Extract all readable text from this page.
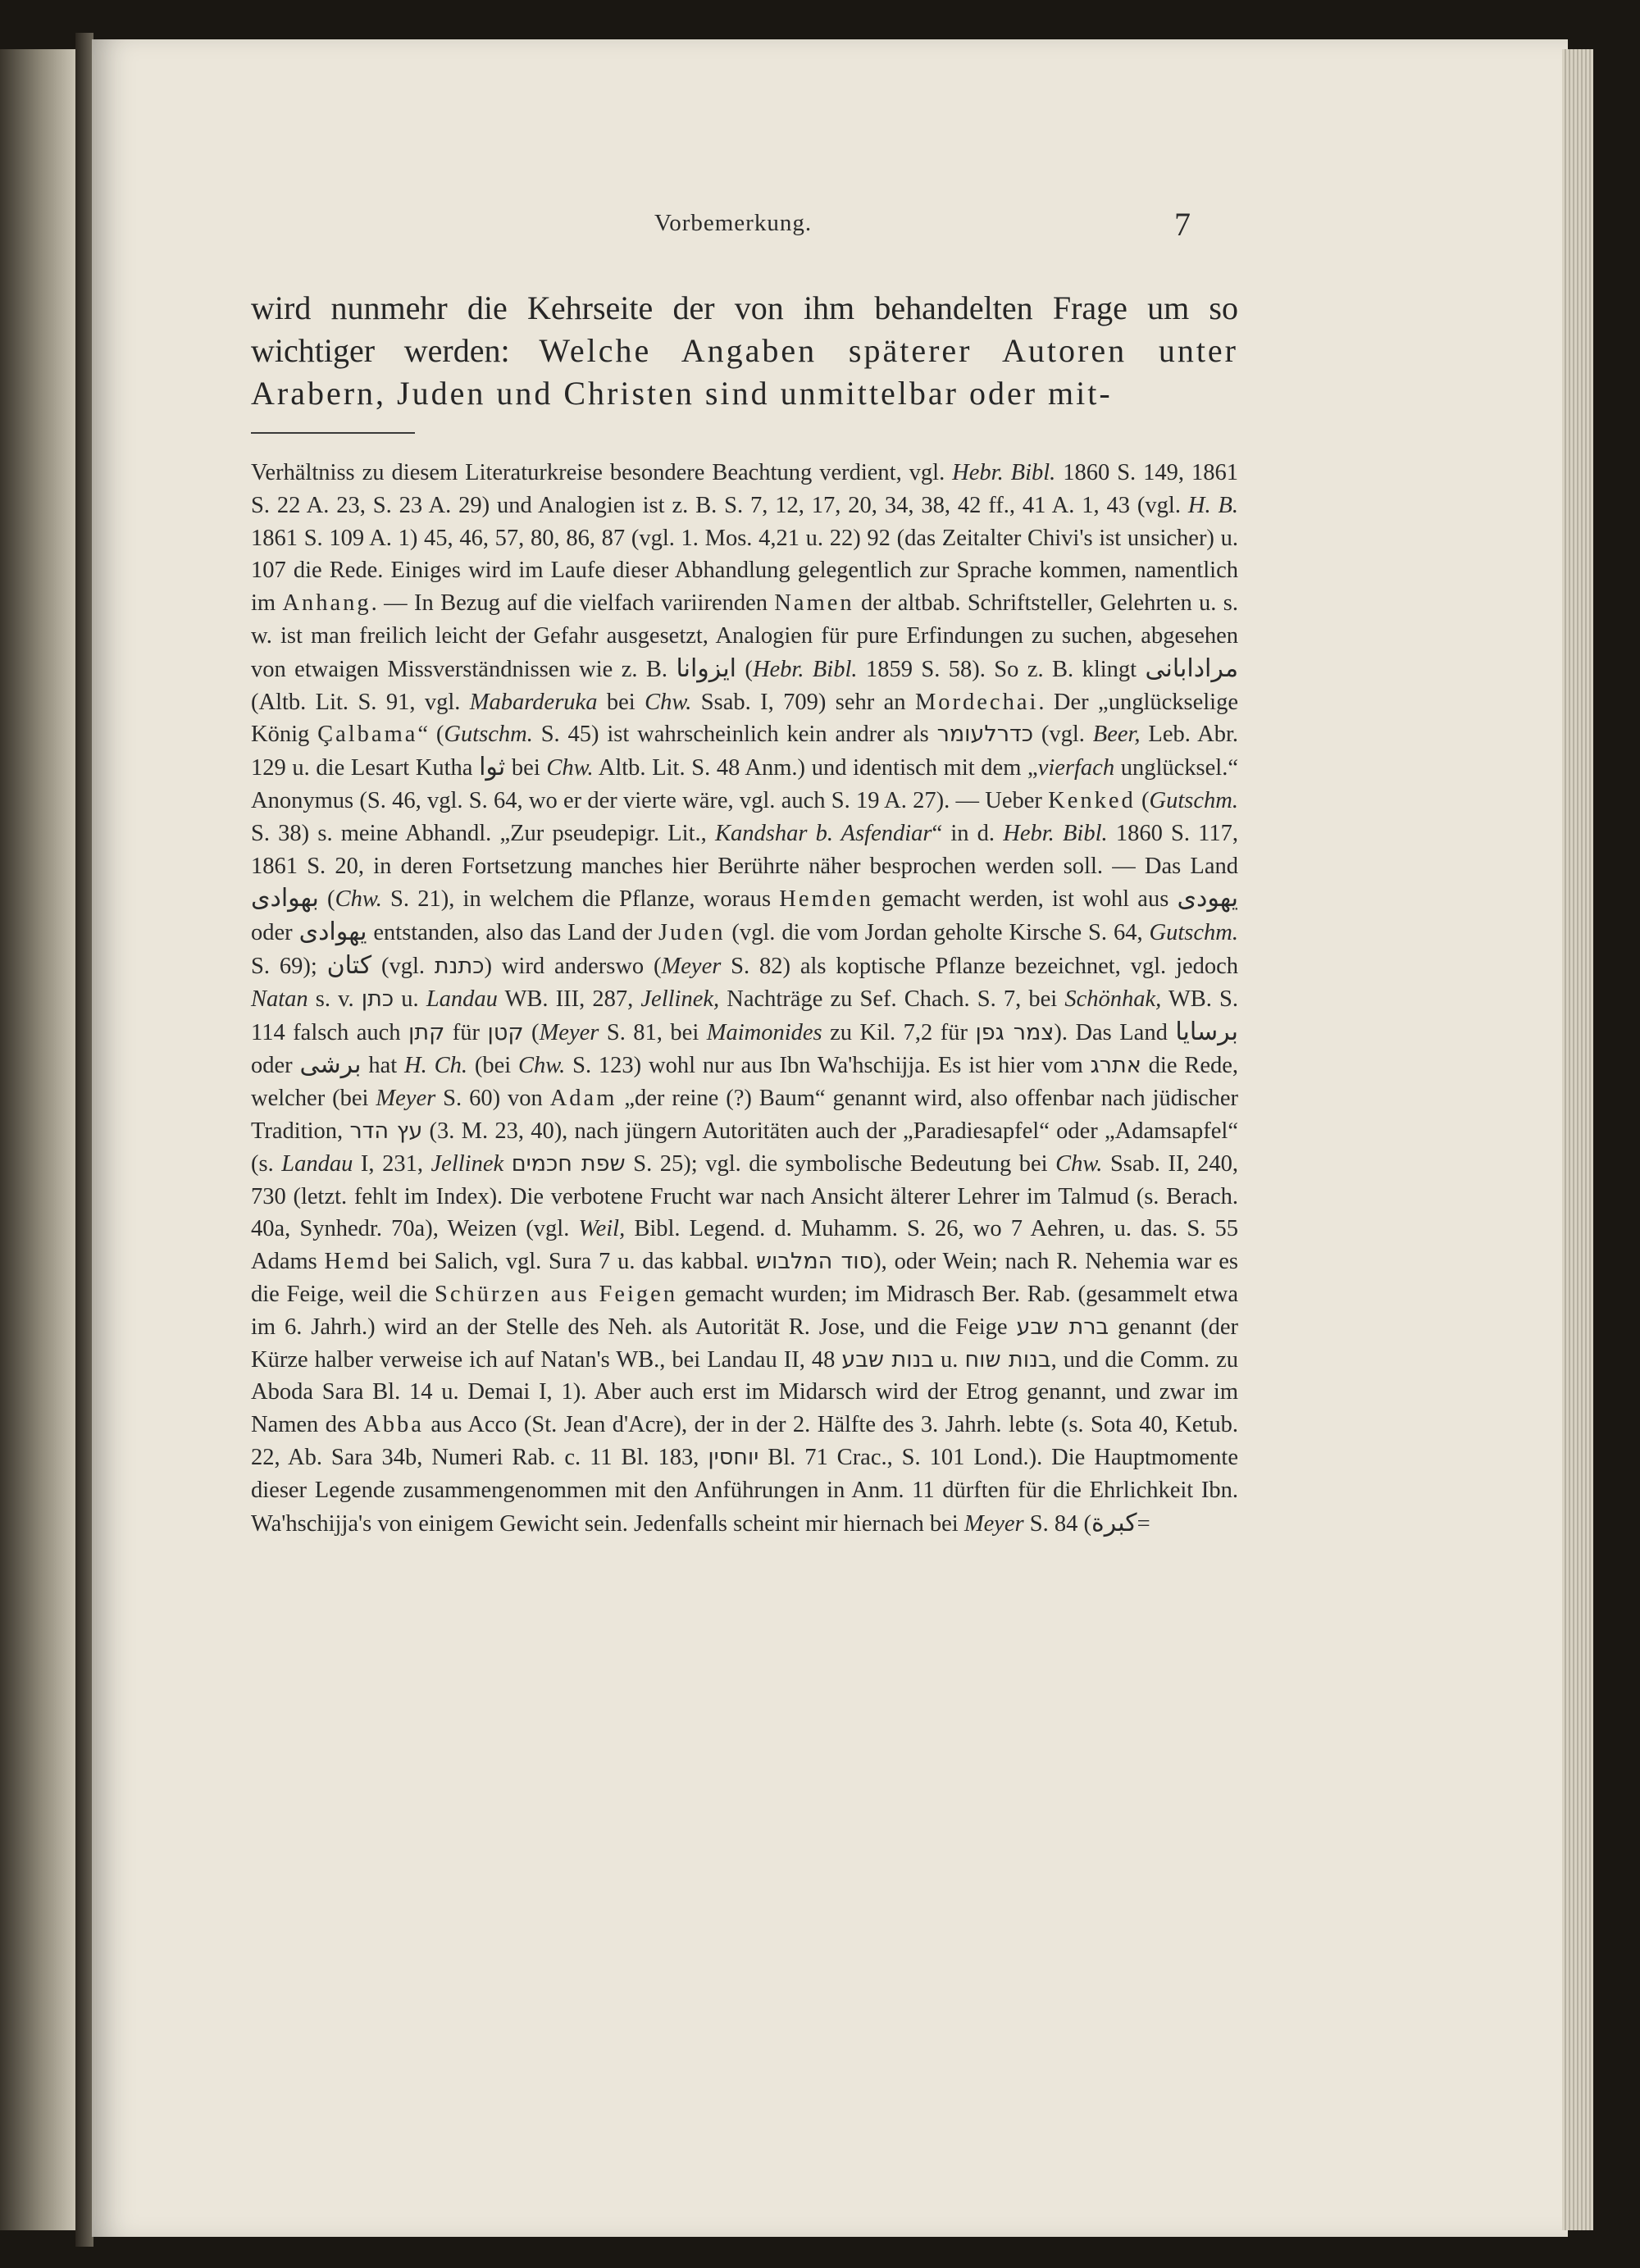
Vorbemerkung.	7

wird nunmehr die Kehrseite der von ihm behandelten Frage um so wichtiger werden: Welche Angaben späterer Autoren unter Arabern, Juden und Christen sind unmittelbar oder mit-

Verhältniss zu diesem Literaturkreise besondere Beachtung verdient, vgl. Hebr. Bibl. 1860 S. 149, 1861 S. 22 A. 23, S. 23 A. 29) und Analogien ist z. B. S. 7, 12, 17, 20, 34, 38, 42 ff., 41 A. 1, 43 (vgl. H. B. 1861 S. 109 A. 1) 45, 46, 57, 80, 86, 87 (vgl. 1. Mos. 4,21 u. 22) 92 (das Zeitalter Chivi's ist unsicher) u. 107 die Rede. Einiges wird im Laufe dieser Abhandlung gelegentlich zur Sprache kommen, namentlich im Anhang. — In Bezug auf die vielfach variirenden Namen der altbab. Schriftsteller, Gelehrten u. s. w. ist man freilich leicht der Gefahr ausgesetzt, Analogien für pure Erfindungen zu suchen, abgesehen von etwaigen Missverständnissen wie z. B. ايزوانا (Hebr. Bibl. 1859 S. 58). So z. B. klingt مرادابانى (Altb. Lit. S. 91, vgl. Mabarderuka bei Chw. Ssab. I, 709) sehr an Mordechai. Der „unglückselige König Çalbama“ (Gutschm. S. 45) ist wahrscheinlich kein andrer als כדרלעומר (vgl. Beer, Leb. Abr. 129 u. die Lesart Kutha ثوا bei Chw. Altb. Lit. S. 48 Anm.) und identisch mit dem „vierfach unglücksel.“ Anonymus (S. 46, vgl. S. 64, wo er der vierte wäre, vgl. auch S. 19 A. 27). — Ueber Kenked (Gutschm. S. 38) s. meine Abhandl. „Zur pseudepigr. Lit., Kandshar b. Asfendiar“ in d. Hebr. Bibl. 1860 S. 117, 1861 S. 20, in deren Fortsetzung manches hier Berührte näher besprochen werden soll. — Das Land بهوادى (Chw. S. 21), in welchem die Pflanze, woraus Hemden gemacht werden, ist wohl aus يهودى oder يهوادى entstanden, also das Land der Juden (vgl. die vom Jordan geholte Kirsche S. 64, Gutschm. S. 69); كتان (vgl. כתנת) wird anderswo (Meyer S. 82) als koptische Pflanze bezeichnet, vgl. jedoch Natan s. v. כתן u. Landau WB. III, 287, Jellinek, Nachträge zu Sef. Chach. S. 7, bei Schönhak, WB. S. 114 falsch auch קתן für קטן (Meyer S. 81, bei Maimonides zu Kil. 7,2 für צמר גפן). Das Land برسايا oder برشى hat H. Ch. (bei Chw. S. 123) wohl nur aus Ibn Wa'hschijja. Es ist hier vom אתרג die Rede, welcher (bei Meyer S. 60) von Adam „der reine (?) Baum“ genannt wird, also offenbar nach jüdischer Tradition, עץ הדר (3. M. 23, 40), nach jüngern Autoritäten auch der „Paradiesapfel“ oder „Adamsapfel“ (s. Landau I, 231, Jellinek שפת חכמים S. 25); vgl. die symbolische Bedeutung bei Chw. Ssab. II, 240, 730 (letzt. fehlt im Index). Die verbotene Frucht war nach Ansicht älterer Lehrer im Talmud (s. Berach. 40a, Synhedr. 70a), Weizen (vgl. Weil, Bibl. Legend. d. Muhamm. S. 26, wo 7 Aehren, u. das. S. 55 Adams Hemd bei Salich, vgl. Sura 7 u. das kabbal. סוד המלבוש), oder Wein; nach R. Nehemia war es die Feige, weil die Schürzen aus Feigen gemacht wurden; im Midrasch Ber. Rab. (gesammelt etwa im 6. Jahrh.) wird an der Stelle des Neh. als Autorität R. Jose, und die Feige ברת שבע genannt (der Kürze halber verweise ich auf Natan's WB., bei Landau II, 48 בנות שבע u. בנות שוח, und die Comm. zu Aboda Sara Bl. 14 u. Demai I, 1). Aber auch erst im Midarsch wird der Etrog genannt, und zwar im Namen des Abba aus Acco (St. Jean d'Acre), der in der 2. Hälfte des 3. Jahrh. lebte (s. Sota 40, Ketub. 22, Ab. Sara 34b, Numeri Rab. c. 11 Bl. 183, יוחסין Bl. 71 Crac., S. 101 Lond.). Die Hauptmomente dieser Legende zusammengenommen mit den Anführungen in Anm. 11 dürften für die Ehrlichkeit Ibn. Wa'hschijja's von einigem Gewicht sein. Jedenfalls scheint mir hiernach bei Meyer S. 84 (كبرة=
